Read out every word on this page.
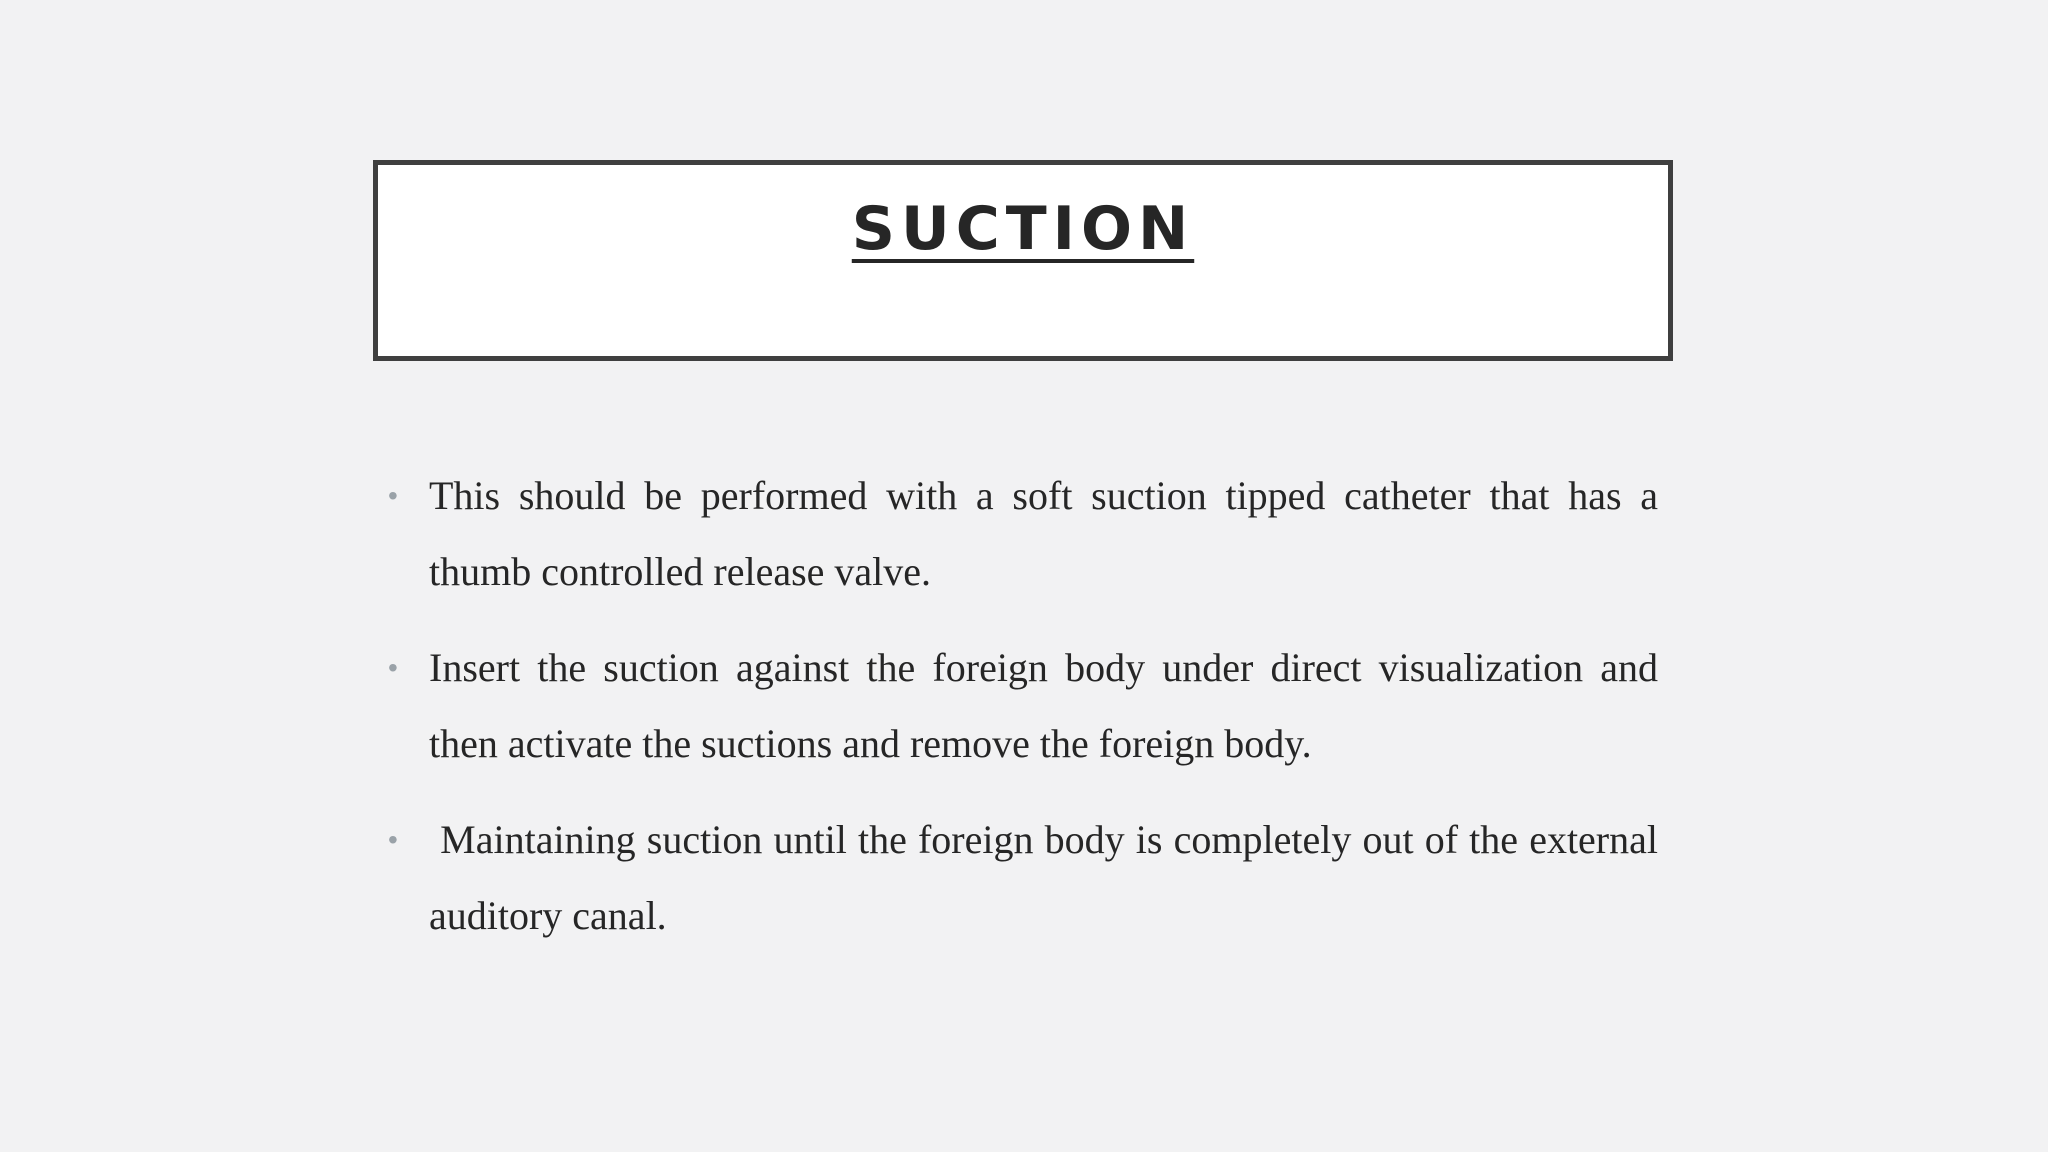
SUCTION
• This should be performed with a soft suction tipped catheter that has a thumb controlled release valve.
• Insert the suction against the foreign body under direct visualization and then activate the suctions and remove the foreign body.
• Maintaining suction until the foreign body is completely out of the external auditory canal.
